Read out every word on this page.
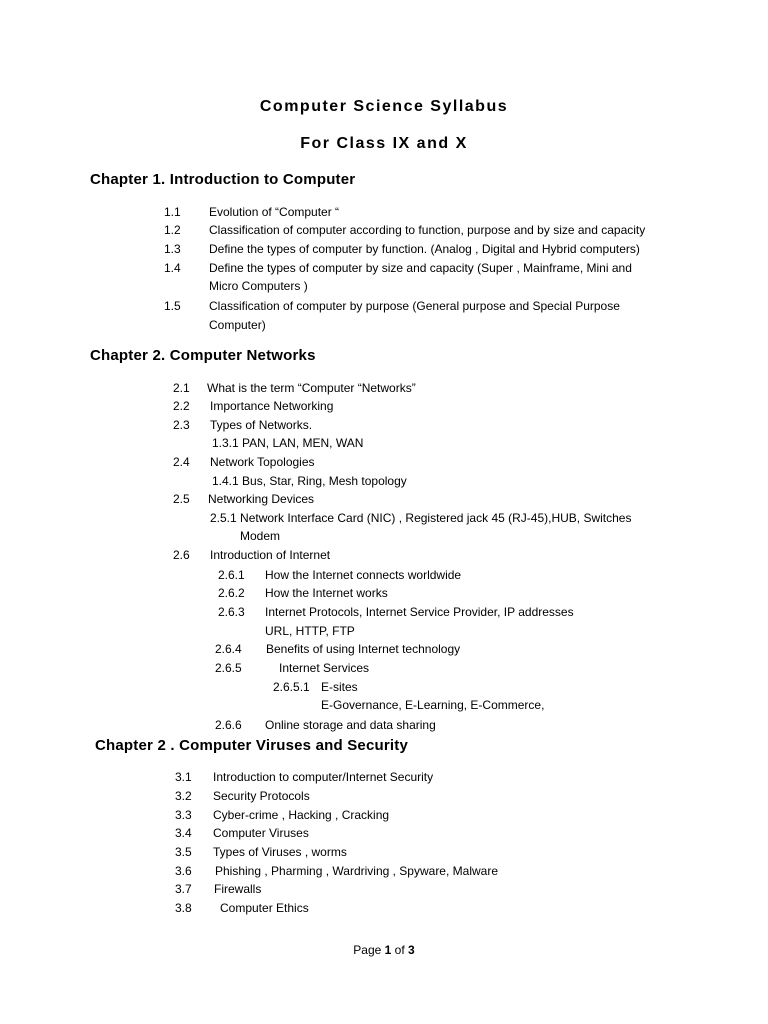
Computer Science Syllabus
For Class IX and X
Chapter 1. Introduction to Computer
1.1 Evolution of “Computer “
1.2 Classification of computer according to function, purpose and by size and capacity
1.3 Define the types of computer by function. (Analog , Digital and Hybrid computers)
1.4 Define the types of computer by size and capacity (Super , Mainframe, Mini and
Micro Computers )
1.5 Classification of computer by purpose (General purpose and Special Purpose
Computer)
Chapter 2. Computer Networks
2.1 What is the term “Computer “Networks”
2.2 Importance Networking
2.3 Types of Networks.
1.3.1 PAN, LAN, MEN, WAN
2.4 Network Topologies
1.4.1 Bus, Star, Ring, Mesh topology
2.5 Networking Devices
2.5.1 Network Interface Card (NIC) , Registered jack 45 (RJ-45),HUB, Switches
Modem
2.6 Introduction of Internet
2.6.1 How the Internet connects worldwide
2.6.2 How the Internet works
2.6.3 Internet Protocols, Internet Service Provider, IP addresses
URL, HTTP, FTP
2.6.4 Benefits of using Internet technology
2.6.5	Internet Services
2.6.5.1 E-sites
E-Governance, E-Learning, E-Commerce,
2.6.6 Online storage and data sharing
Chapter 2 . Computer Viruses and Security
3.1 Introduction to computer/Internet Security
3.2 Security Protocols
3.3 Cyber-crime , Hacking , Cracking
3.4 Computer Viruses
3.5 Types of Viruses , worms
3.6 Phishing , Pharming , Wardriving , Spyware, Malware
3.7 Firewalls
3.8 Computer Ethics
Page 1 of 3
